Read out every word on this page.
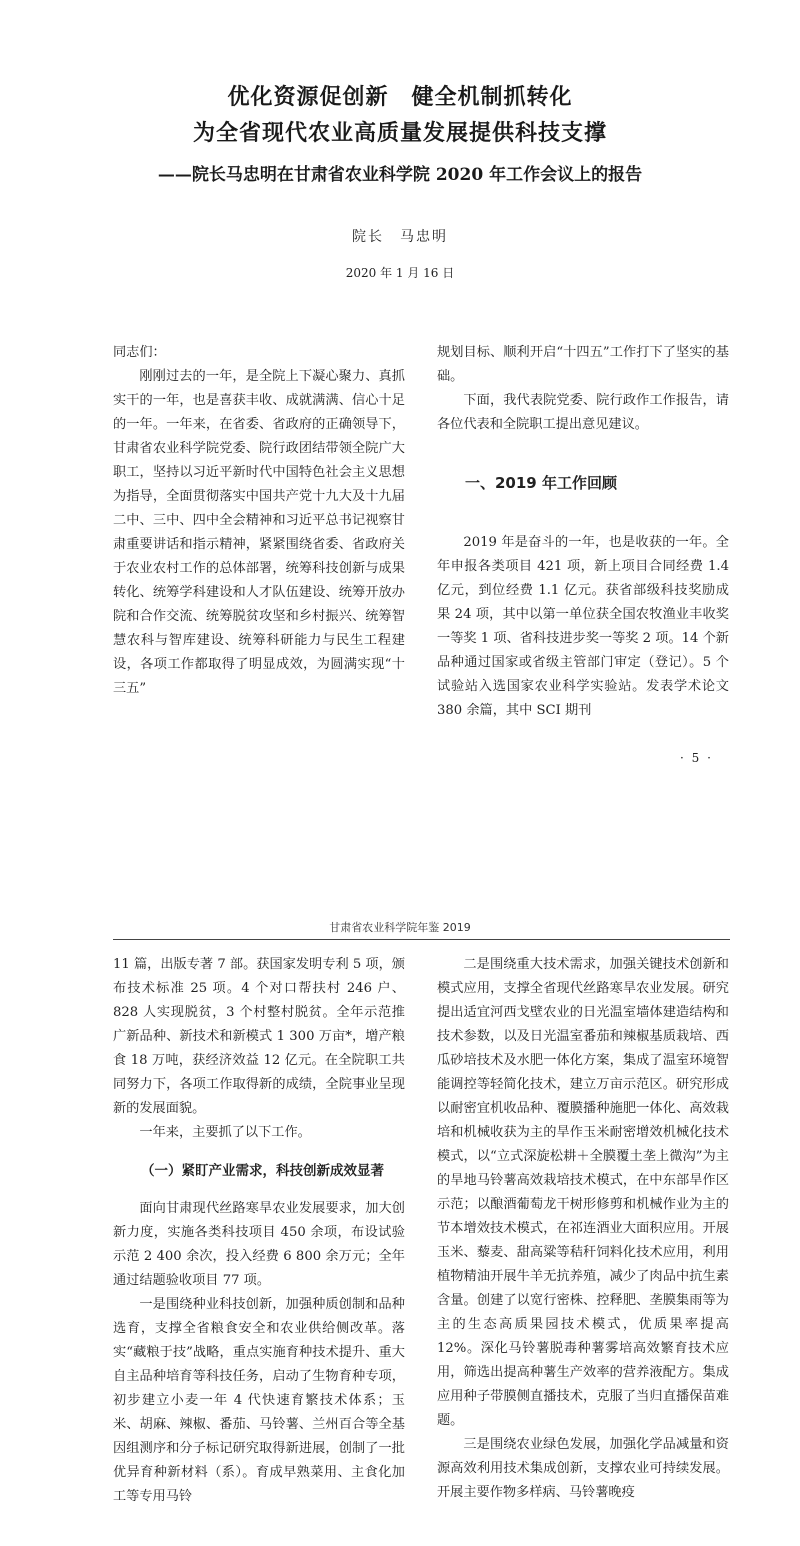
优化资源促创新　健全机制抓转化
为全省现代农业高质量发展提供科技支撑
——院长马忠明在甘肃省农业科学院 2020 年工作会议上的报告
院长　马忠明
2020 年 1 月 16 日

同志们：

刚刚过去的一年，是全院上下凝心聚力、真抓实干的一年，也是喜获丰收、成就满满、信心十足的一年。一年来，在省委、省政府的正确领导下，甘肃省农业科学院党委、院行政团结带领全院广大职工，坚持以习近平新时代中国特色社会主义思想为指导，全面贯彻落实中国共产党十九大及十九届二中、三中、四中全会精神和习近平总书记视察甘肃重要讲话和指示精神，紧紧围绕省委、省政府关于农业农村工作的总体部署，统筹科技创新与成果转化、统筹学科建设和人才队伍建设、统筹开放办院和合作交流、统筹脱贫攻坚和乡村振兴、统筹智慧农科与智库建设、统筹科研能力与民生工程建设，各项工作都取得了明显成效，为圆满实现“十三五”

规划目标、顺利开启“十四五”工作打下了坚实的基础。

下面，我代表院党委、院行政作工作报告，请各位代表和全院职工提出意见建议。

一、2019 年工作回顾

2019 年是奋斗的一年，也是收获的一年。全年申报各类项目 421 项，新上项目合同经费 1.4 亿元，到位经费 1.1 亿元。获省部级科技奖励成果 24 项，其中以第一单位获全国农牧渔业丰收奖一等奖 1 项、省科技进步奖一等奖 2 项。14 个新品种通过国家或省级主管部门审定（登记）。5 个试验站入选国家农业科学实验站。发表学术论文 380 余篇，其中 SCI 期刊

· 5 ·
甘肃省农业科学院年鉴 2019

11 篇，出版专著 7 部。获国家发明专利 5 项，颁布技术标准 25 项。4 个对口帮扶村 246 户、828 人实现脱贫，3 个村整村脱贫。全年示范推广新品种、新技术和新模式 1 300 万亩*，增产粮食 18 万吨，获经济效益 12 亿元。在全院职工共同努力下，各项工作取得新的成绩，全院事业呈现新的发展面貌。

一年来，主要抓了以下工作。

（一）紧盯产业需求，科技创新成效显著

面向甘肃现代丝路寒旱农业发展要求，加大创新力度，实施各类科技项目 450 余项，布设试验示范 2 400 余次，投入经费 6 800 余万元；全年通过结题验收项目 77 项。

一是围绕种业科技创新，加强种质创制和品种选育，支撑全省粮食安全和农业供给侧改革。落实“藏粮于技”战略，重点实施育种技术提升、重大自主品种培育等科技任务，启动了生物育种专项，初步建立小麦一年 4 代快速育繁技术体系；玉米、胡麻、辣椒、番茄、马铃薯、兰州百合等全基因组测序和分子标记研究取得新进展，创制了一批优异育种新材料（系）。育成早熟菜用、主食化加工等专用马铃

二是围绕重大技术需求，加强关键技术创新和模式应用，支撑全省现代丝路寒旱农业发展。研究提出适宜河西戈壁农业的日光温室墙体建造结构和技术参数，以及日光温室番茄和辣椒基质栽培、西瓜砂培技术及水肥一体化方案，集成了温室环境智能调控等轻简化技术，建立万亩示范区。研究形成以耐密宜机收品种、覆膜播种施肥一体化、高效栽培和机械收获为主的旱作玉米耐密增效机械化技术模式，以“立式深旋松耕＋全膜覆土垄上微沟”为主的旱地马铃薯高效栽培技术模式，在中东部旱作区示范；以酿酒葡萄龙干树形修剪和机械作业为主的节本增效技术模式，在祁连酒业大面积应用。开展玉米、藜麦、甜高粱等秸秆饲料化技术应用，利用植物精油开展牛羊无抗养殖，减少了肉品中抗生素含量。创建了以宽行密株、控释肥、垄膜集雨等为主的生态高质果园技术模式，优质果率提高 12%。深化马铃薯脱毒种薯雾培高效繁育技术应用，筛选出提高种薯生产效率的营养液配方。集成应用种子带膜侧直播技术，克服了当归直播保苗难题。

三是围绕农业绿色发展，加强化学品减量和资源高效利用技术集成创新，支撑农业可持续发展。开展主要作物多样病、马铃薯晚疫
